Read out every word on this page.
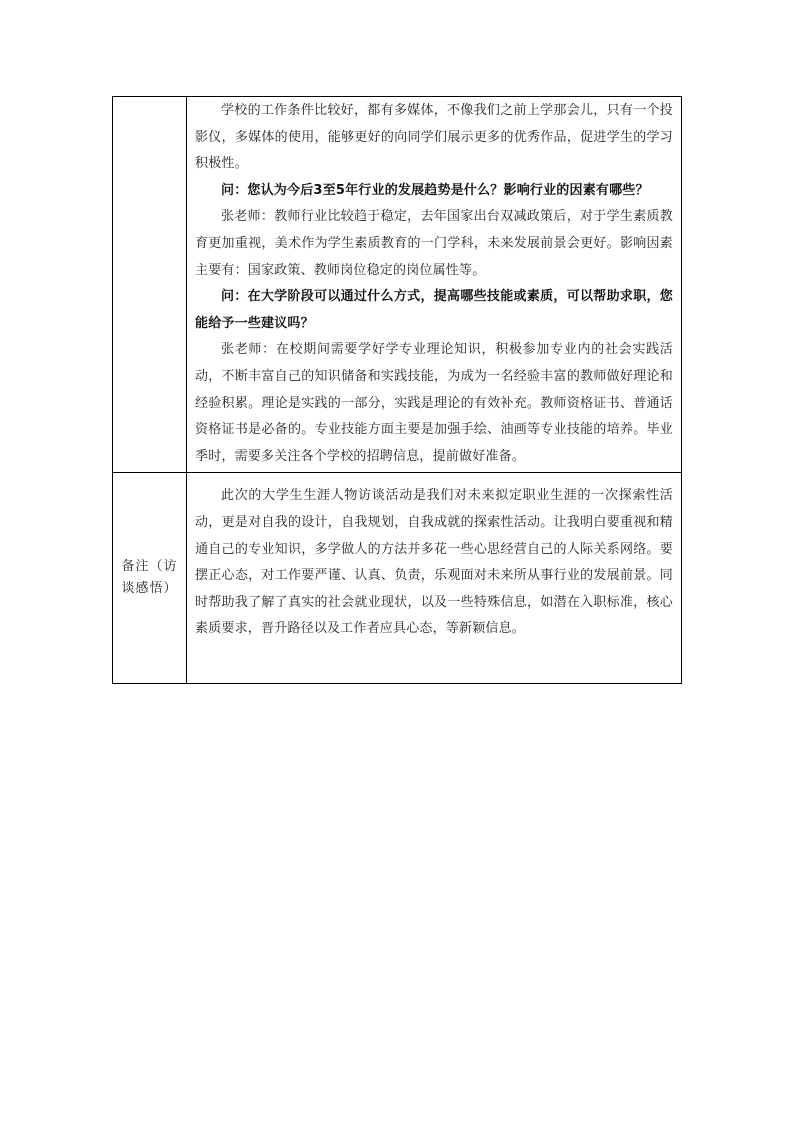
	学校的工作条件比较好，都有多媒体，不像我们之前上学那会儿，只有一个投影仪，多媒体的使用，能够更好的向同学们展示更多的优秀作品，促进学生的学习积极性。

问：您认为今后3至5年行业的发展趋势是什么？影响行业的因素有哪些？

张老师：教师行业比较趋于稳定，去年国家出台双减政策后，对于学生素质教育更加重视，美术作为学生素质教育的一门学科，未来发展前景会更好。影响因素主要有：国家政策、教师岗位稳定的岗位属性等。

问：在大学阶段可以通过什么方式，提高哪些技能或素质，可以帮助求职，您能给予一些建议吗？

张老师：在校期间需要学好学专业理论知识，积极参加专业内的社会实践活动，不断丰富自己的知识储备和实践技能，为成为一名经验丰富的教师做好理论和经验积累。理论是实践的一部分，实践是理论的有效补充。教师资格证书、普通话资格证书是必备的。专业技能方面主要是加强手绘、油画等专业技能的培养。毕业季时，需要多关注各个学校的招聘信息，提前做好准备。

备注（访谈感悟）	此次的大学生生涯人物访谈活动是我们对未来拟定职业生涯的一次探索性活动，更是对自我的设计，自我规划，自我成就的探索性活动。让我明白要重视和精通自己的专业知识，多学做人的方法并多花一些心思经营自己的人际关系网络。要摆正心态，对工作要严谨、认真、负责，乐观面对未来所从事行业的发展前景。同时帮助我了解了真实的社会就业现状，以及一些特殊信息，如潜在入职标准，核心素质要求，晋升路径以及工作者应具心态，等新颖信息。
